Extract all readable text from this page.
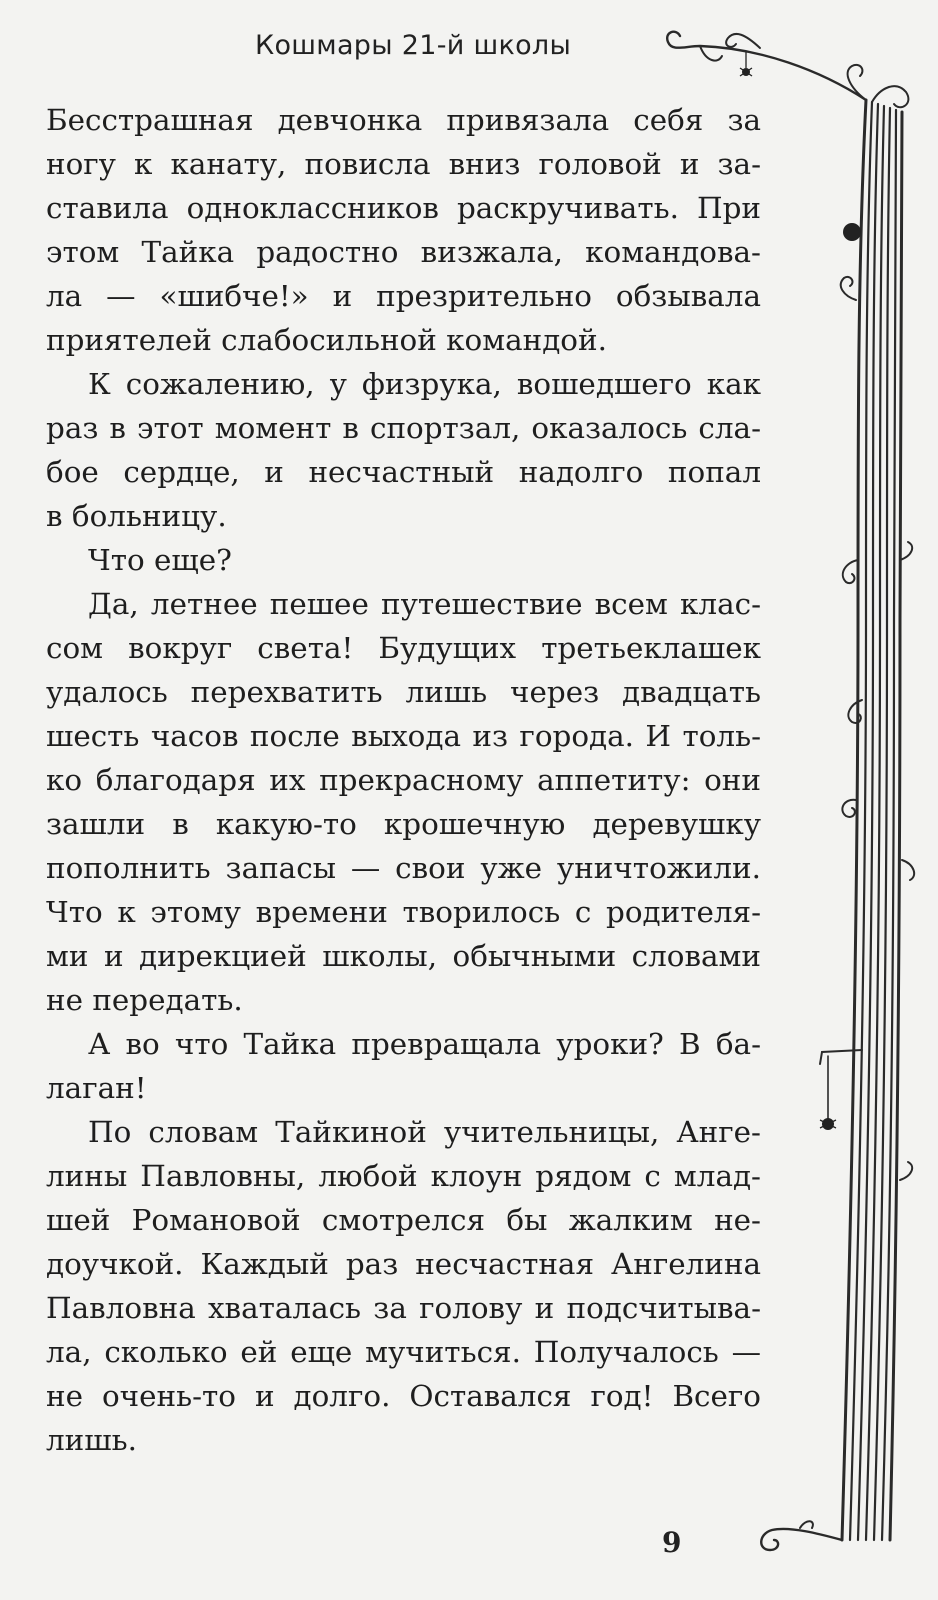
Кошмары 21-й школы
Бесстрашная девчонка привязала себя за
ногу к канату, повисла вниз головой и за-
ставила одноклассников раскручивать. При
этом Тайка радостно визжала, командова-
ла — «шибче!» и презрительно обзывала
приятелей слабосильной командой.
К сожалению, у физрука, вошедшего как
раз в этот момент в спортзал, оказалось сла-
бое сердце, и несчастный надолго попал
в больницу.
Что еще?
Да, летнее пешее путешествие всем клас-
сом вокруг света! Будущих третьеклашек
удалось перехватить лишь через двадцать
шесть часов после выхода из города. И толь-
ко благодаря их прекрасному аппетиту: они
зашли в какую-то крошечную деревушку
пополнить запасы — свои уже уничтожили.
Что к этому времени творилось с родителя-
ми и дирекцией школы, обычными словами
не передать.
А во что Тайка превращала уроки? В ба-
лаган!
По словам Тайкиной учительницы, Анге-
лины Павловны, любой клоун рядом с млад-
шей Романовой смотрелся бы жалким не-
доучкой. Каждый раз несчастная Ангелина
Павловна хваталась за голову и подсчитыва-
ла, сколько ей еще мучиться. Получалось —
не очень-то и долго. Оставался год! Всего
лишь.
9
